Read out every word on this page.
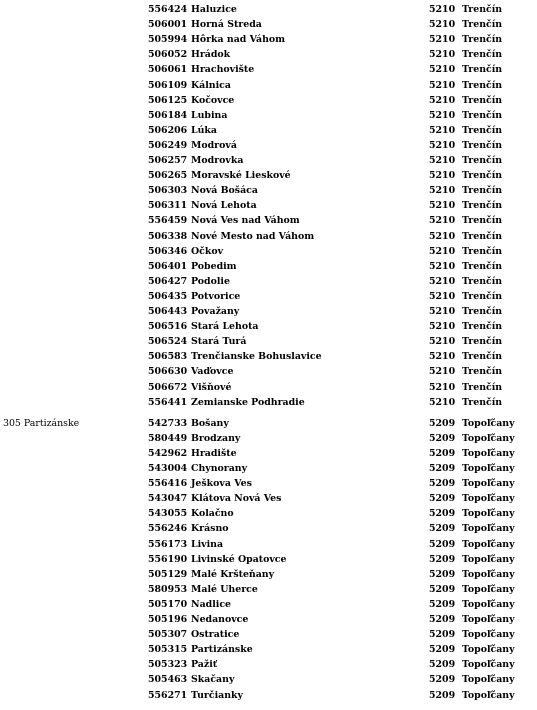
556424 Haluzice	5210 Trenčín
506001 Horná Streda	5210 Trenčín
505994 Hôrka nad Váhom	5210 Trenčín
506052 Hrádok	5210 Trenčín
506061 Hrachovište	5210 Trenčín
506109 Kálnica	5210 Trenčín
506125 Kočovce	5210 Trenčín
506184 Lubina	5210 Trenčín
506206 Lúka	5210 Trenčín
506249 Modrová	5210 Trenčín
506257 Modrovka	5210 Trenčín
506265 Moravské Lieskové	5210 Trenčín
506303 Nová Bošáca	5210 Trenčín
506311 Nová Lehota	5210 Trenčín
556459 Nová Ves nad Váhom	5210 Trenčín
506338 Nové Mesto nad Váhom	5210 Trenčín
506346 Očkov	5210 Trenčín
506401 Pobedim	5210 Trenčín
506427 Podolie	5210 Trenčín
506435 Potvorice	5210 Trenčín
506443 Považany	5210 Trenčín
506516 Stará Lehota	5210 Trenčín
506524 Stará Turá	5210 Trenčín
506583 Trenčianske Bohuslavice	5210 Trenčín
506630 Vaďovce	5210 Trenčín
506672 Višňové	5210 Trenčín
556441 Zemianske Podhradie	5210 Trenčín
305 Partizánske	542733 Bošany	5209 Topoľčany
580449 Brodzany	5209 Topoľčany
542962 Hradište	5209 Topoľčany
543004 Chynorany	5209 Topoľčany
556416 Ješkova Ves	5209 Topoľčany
543047 Klátova Nová Ves	5209 Topoľčany
543055 Kolačno	5209 Topoľčany
556246 Krásno	5209 Topoľčany
556173 Livina	5209 Topoľčany
556190 Livinské Opatovce	5209 Topoľčany
505129 Malé Kršteňany	5209 Topoľčany
580953 Malé Uherce	5209 Topoľčany
505170 Nadlice	5209 Topoľčany
505196 Nedanovce	5209 Topoľčany
505307 Ostratice	5209 Topoľčany
505315 Partizánske	5209 Topoľčany
505323 Pažiť	5209 Topoľčany
505463 Skačany	5209 Topoľčany
556271 Turčianky	5209 Topoľčany
